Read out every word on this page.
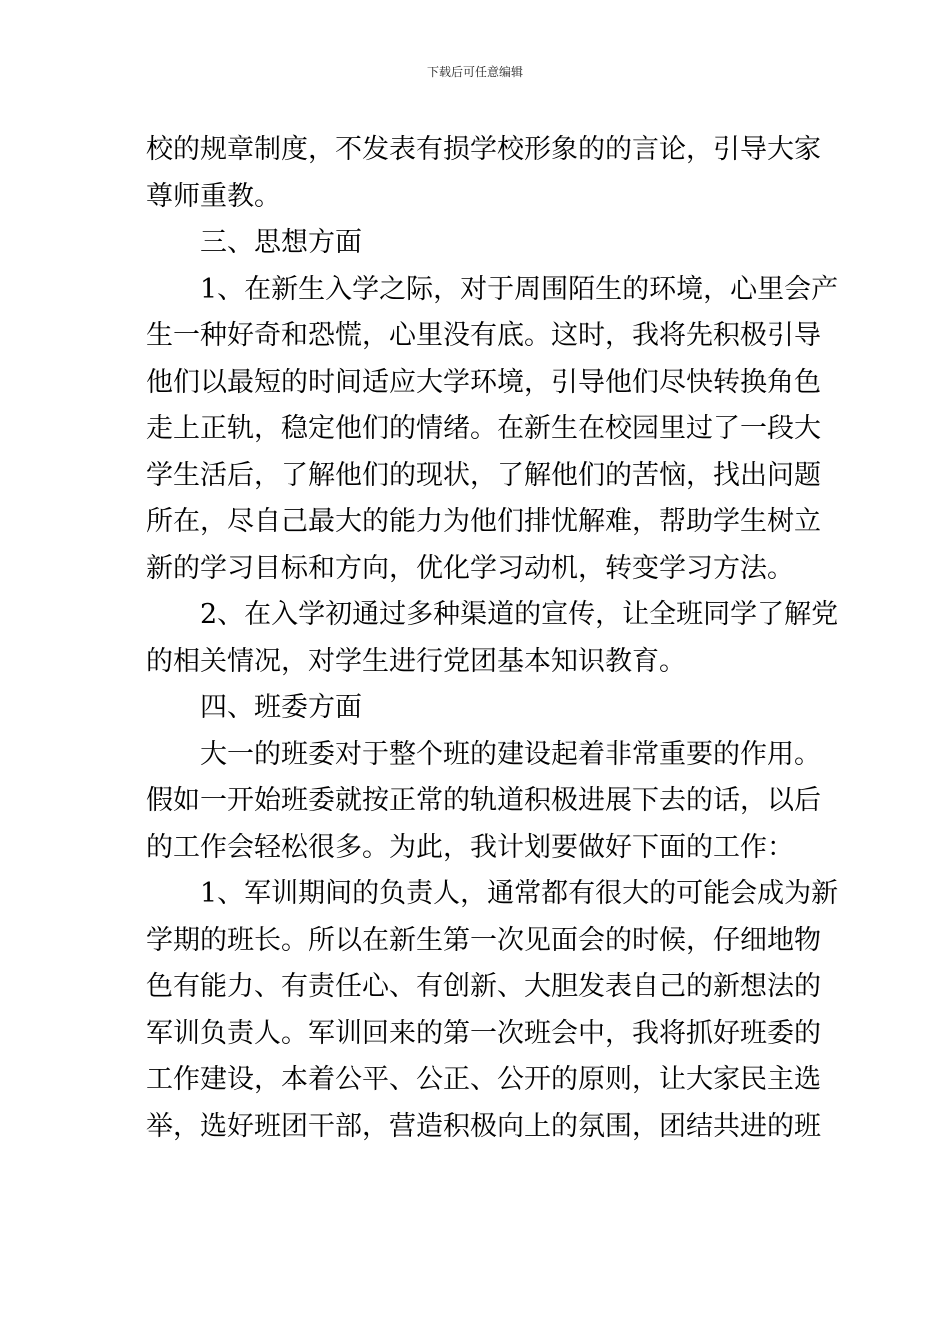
下载后可任意编辑
校的规章制度，不发表有损学校形象的的言论，引导大家
尊师重教。
三、思想方面
1、在新生入学之际，对于周围陌生的环境，心里会产
生一种好奇和恐慌，心里没有底。这时，我将先积极引导
他们以最短的时间适应大学环境，引导他们尽快转换角色
走上正轨，稳定他们的情绪。在新生在校园里过了一段大
学生活后，了解他们的现状，了解他们的苦恼，找出问题
所在，尽自己最大的能力为他们排忧解难，帮助学生树立
新的学习目标和方向，优化学习动机，转变学习方法。
2、在入学初通过多种渠道的宣传，让全班同学了解党
的相关情况，对学生进行党团基本知识教育。
四、班委方面
大一的班委对于整个班的建设起着非常重要的作用。
假如一开始班委就按正常的轨道积极进展下去的话，以后
的工作会轻松很多。为此，我计划要做好下面的工作：
1、军训期间的负责人，通常都有很大的可能会成为新
学期的班长。所以在新生第一次见面会的时候，仔细地物
色有能力、有责任心、有创新、大胆发表自己的新想法的
军训负责人。军训回来的第一次班会中，我将抓好班委的
工作建设，本着公平、公正、公开的原则，让大家民主选
举，选好班团干部，营造积极向上的氛围，团结共进的班
